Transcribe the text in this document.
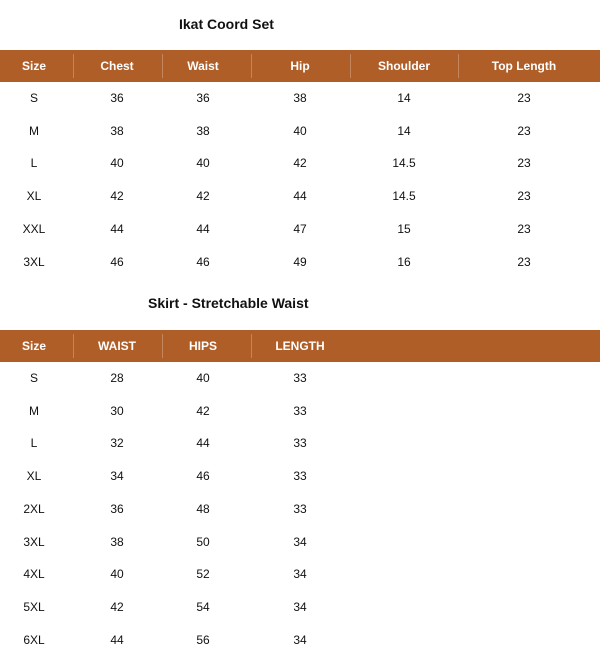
Ikat Coord Set
Size	Chest	Waist	Hip	Shoulder	Top Length
S	36	36	38	14	23
M	38	38	40	14	23
L	40	40	42	14.5	23
XL	42	42	44	14.5	23
XXL	44	44	47	15	23
3XL	46	46	49	16	23
Skirt - Stretchable Waist
Size	WAIST	HIPS	LENGTH
S	28	40	33
M	30	42	33
L	32	44	33
XL	34	46	33
2XL	36	48	33
3XL	38	50	34
4XL	40	52	34
5XL	42	54	34
6XL	44	56	34
